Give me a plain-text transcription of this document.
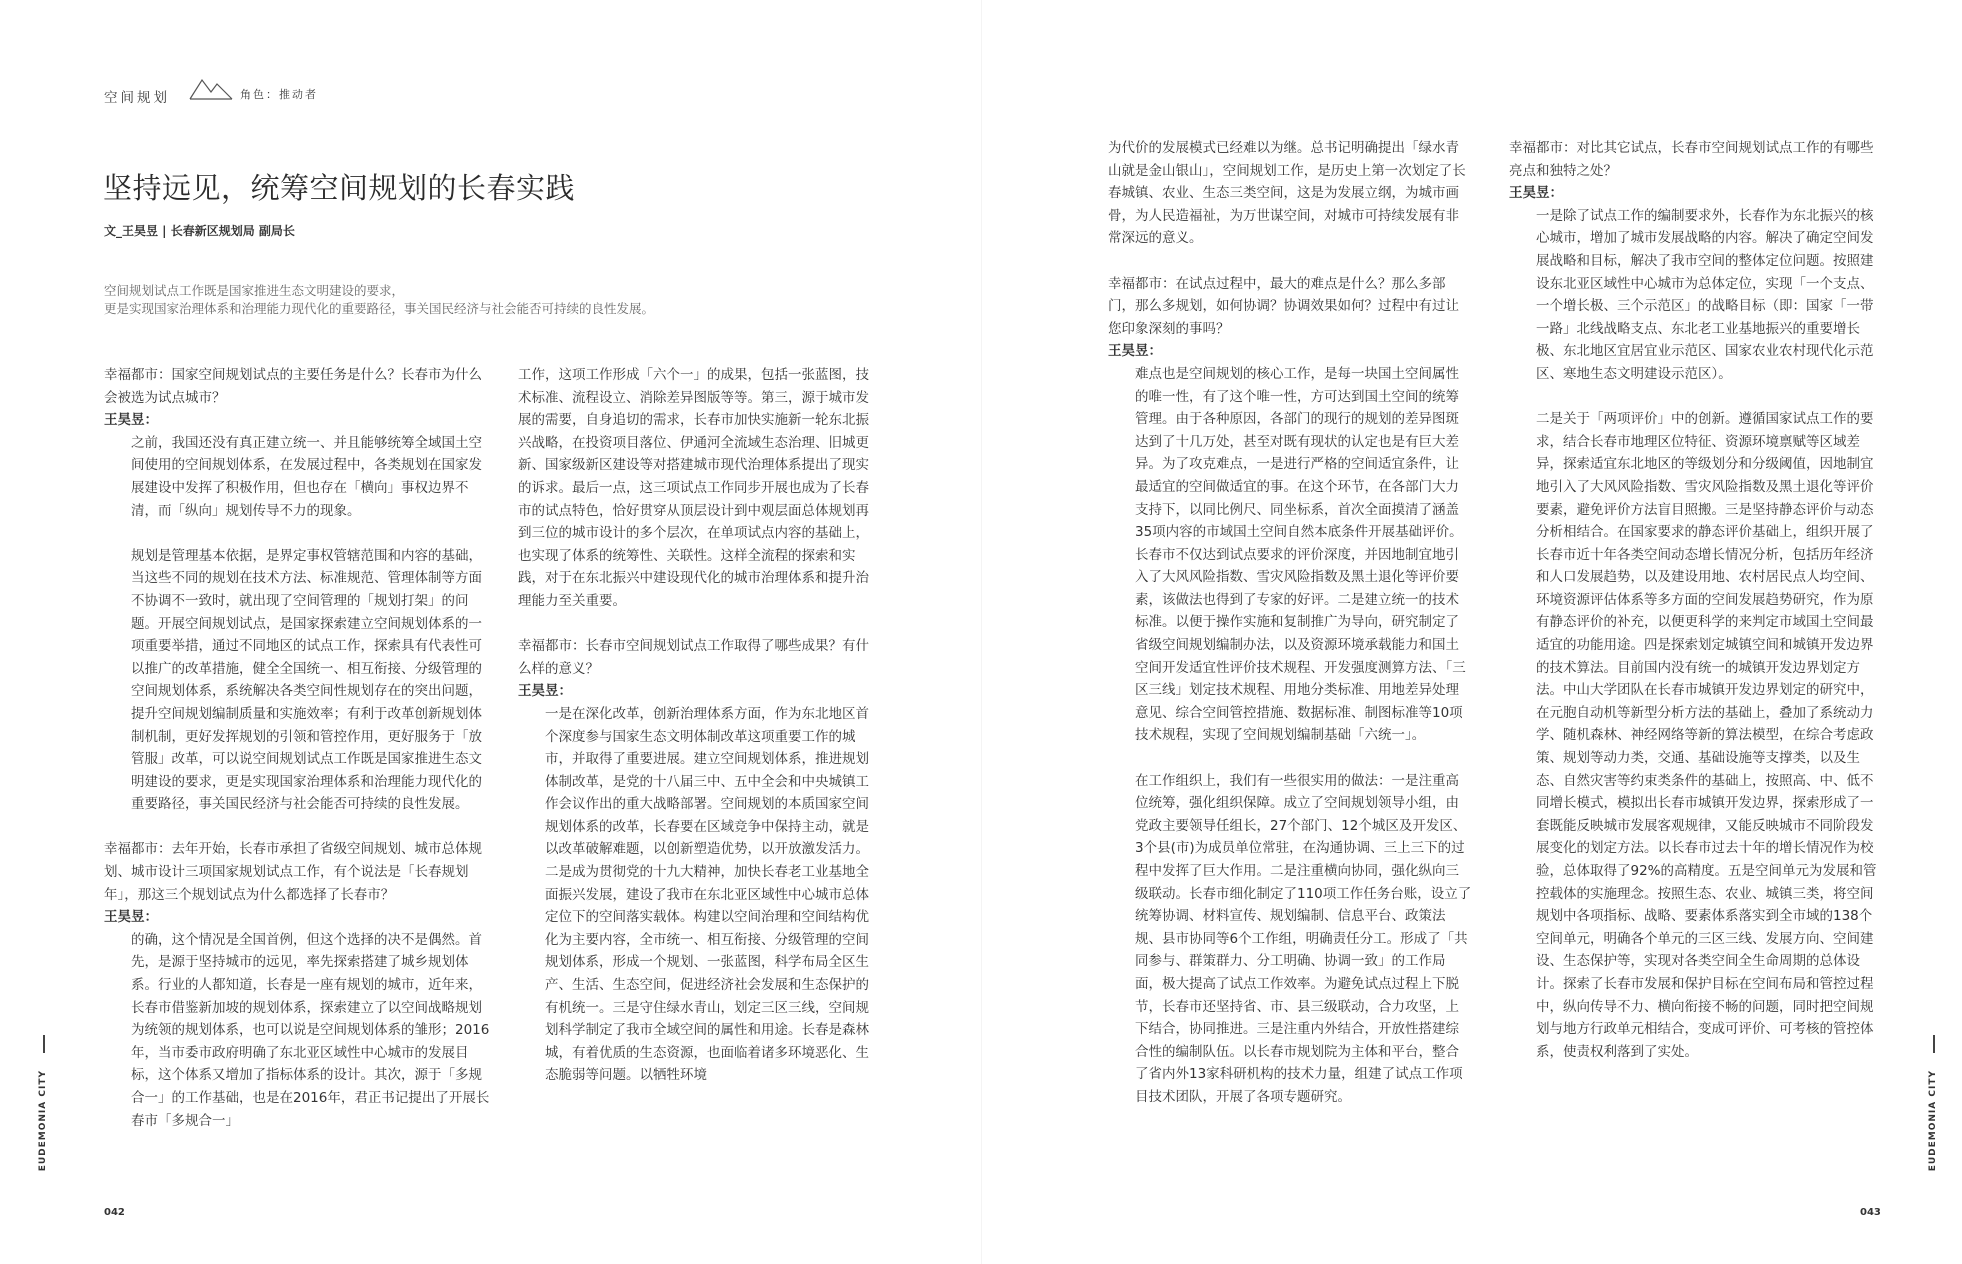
空间规划	角色：推动者
坚持远见，统筹空间规划的长春实践
文_王昊昱 | 长春新区规划局 副局长
空间规划试点工作既是国家推进生态文明建设的要求，
更是实现国家治理体系和治理能力现代化的重要路径，事关国民经济与社会能否可持续的良性发展。
幸福都市：国家空间规划试点的主要任务是什么？长春市为什么会被选为试点城市？
王昊昱：
之前，我国还没有真正建立统一、并且能够统筹全域国土空间使用的空间规划体系，在发展过程中，各类规划在国家发展建设中发挥了积极作用，但也存在「横向」事权边界不清，而「纵向」规划传导不力的现象。
规划是管理基本依据，是界定事权管辖范围和内容的基础，当这些不同的规划在技术方法、标准规范、管理体制等方面不协调不一致时，就出现了空间管理的「规划打架」的问题。开展空间规划试点，是国家探索建立空间规划体系的一项重要举措，通过不同地区的试点工作，探索具有代表性可以推广的改革措施，健全全国统一、相互衔接、分级管理的空间规划体系，系统解决各类空间性规划存在的突出问题，提升空间规划编制质量和实施效率；有利于改革创新规划体制机制，更好发挥规划的引领和管控作用，更好服务于「放管服」改革，可以说空间规划试点工作既是国家推进生态文明建设的要求，更是实现国家治理体系和治理能力现代化的重要路径，事关国民经济与社会能否可持续的良性发展。
幸福都市：去年开始，长春市承担了省级空间规划、城市总体规划、城市设计三项国家规划试点工作，有个说法是「长春规划年」，那这三个规划试点为什么都选择了长春市？
王昊昱：
的确，这个情况是全国首例，但这个选择的决不是偶然。首先，是源于坚持城市的远见，率先探索搭建了城乡规划体系。行业的人都知道，长春是一座有规划的城市，近年来，长春市借鉴新加坡的规划体系，探索建立了以空间战略规划为统领的规划体系，也可以说是空间规划体系的雏形；2016年，当市委市政府明确了东北亚区域性中心城市的发展目标，这个体系又增加了指标体系的设计。其次，源于「多规合一」的工作基础，也是在2016年，君正书记提出了开展长春市「多规合一」
工作，这项工作形成「六个一」的成果，包括一张蓝图，技术标准、流程设立、消除差异图版等等。第三，源于城市发展的需要，自身追切的需求，长春市加快实施新一轮东北振兴战略，在投资项目落位、伊通河全流域生态治理、旧城更新、国家级新区建设等对搭建城市现代治理体系提出了现实的诉求。最后一点，这三项试点工作同步开展也成为了长春市的试点特色，恰好贯穿从顶层设计到中观层面总体规划再到三位的城市设计的多个层次，在单项试点内容的基础上，也实现了体系的统筹性、关联性。这样全流程的探索和实践，对于在东北振兴中建设现代化的城市治理体系和提升治理能力至关重要。
幸福都市：长春市空间规划试点工作取得了哪些成果？有什么样的意义？
王昊昱：
一是在深化改革，创新治理体系方面，作为东北地区首个深度参与国家生态文明体制改革这项重要工作的城市，并取得了重要进展。建立空间规划体系，推进规划体制改革，是党的十八届三中、五中全会和中央城镇工作会议作出的重大战略部署。空间规划的本质国家空间规划体系的改革，长春要在区域竞争中保持主动，就是以改革破解难题，以创新塑造优势，以开放激发活力。二是成为贯彻党的十九大精神，加快长春老工业基地全面振兴发展，建设了我市在东北亚区域性中心城市总体定位下的空间落实载体。构建以空间治理和空间结构优化为主要内容，全市统一、相互衔接、分级管理的空间规划体系，形成一个规划、一张蓝图，科学布局全区生产、生活、生态空间，促进经济社会发展和生态保护的有机统一。三是守住绿水青山，划定三区三线，空间规划科学制定了我市全域空间的属性和用途。长春是森林城，有着优质的生态资源，也面临着诸多环境恶化、生态脆弱等问题。以牺牲环境
为代价的发展模式已经难以为继。总书记明确提出「绿水青山就是金山银山」，空间规划工作，是历史上第一次划定了长春城镇、农业、生态三类空间，这是为发展立纲，为城市画骨，为人民造福祉，为万世谋空间，对城市可持续发展有非常深远的意义。
幸福都市：在试点过程中，最大的难点是什么？那么多部门，那么多规划，如何协调？协调效果如何？过程中有过让您印象深刻的事吗？
王昊昱：
难点也是空间规划的核心工作，是每一块国土空间属性的唯一性，有了这个唯一性，方可达到国土空间的统筹管理。由于各种原因，各部门的现行的规划的差异图斑达到了十几万处，甚至对既有现状的认定也是有巨大差异。为了攻克难点，一是进行严格的空间适宜条件，让最适宜的空间做适宜的事。在这个环节，在各部门大力支持下，以同比例尺、同坐标系，首次全面摸清了涵盖35项内容的市域国土空间自然本底条件开展基础评价。长春市不仅达到试点要求的评价深度，并因地制宜地引入了大风风险指数、雪灾风险指数及黑土退化等评价要素，该做法也得到了专家的好评。二是建立统一的技术标准。以便于操作实施和复制推广为导向，研究制定了省级空间规划编制办法，以及资源环境承载能力和国土空间开发适宜性评价技术规程、开发强度测算方法、「三区三线」划定技术规程、用地分类标准、用地差异处理意见、综合空间管控措施、数据标准、制图标准等10项技术规程，实现了空间规划编制基础「六统一」。
在工作组织上，我们有一些很实用的做法：一是注重高位统筹，强化组织保障。成立了空间规划领导小组，由党政主要领导任组长，27个部门、12个城区及开发区、3个县(市)为成员单位常驻，在沟通协调、三上三下的过程中发挥了巨大作用。二是注重横向协同，强化纵向三级联动。长春市细化制定了110项工作任务台账，设立了统筹协调、材料宣传、规划编制、信息平台、政策法规、县市协同等6个工作组，明确责任分工。形成了「共同参与、群策群力、分工明确、协调一致」的工作局面，极大提高了试点工作效率。为避免试点过程上下脱节，长春市还坚持省、市、县三级联动，合力攻坚，上下结合，协同推进。三是注重内外结合，开放性搭建综合性的编制队伍。以长春市规划院为主体和平台，整合了省内外13家科研机构的技术力量，组建了试点工作项目技术团队，开展了各项专题研究。
幸福都市：对比其它试点，长春市空间规划试点工作的有哪些亮点和独特之处？
王昊昱：
一是除了试点工作的编制要求外，长春作为东北振兴的核心城市，增加了城市发展战略的内容。解决了确定空间发展战略和目标，解决了我市空间的整体定位问题。按照建设东北亚区域性中心城市为总体定位，实现「一个支点、一个增长极、三个示范区」的战略目标（即：国家「一带一路」北线战略支点、东北老工业基地振兴的重要增长极、东北地区宜居宜业示范区、国家农业农村现代化示范区、寒地生态文明建设示范区）。
二是关于「两项评价」中的创新。遵循国家试点工作的要求，结合长春市地理区位特征、资源环境禀赋等区域差异，探索适宜东北地区的等级划分和分级阈值，因地制宜地引入了大风风险指数、雪灾风险指数及黑土退化等评价要素，避免评价方法盲目照搬。三是坚持静态评价与动态分析相结合。在国家要求的静态评价基础上，组织开展了长春市近十年各类空间动态增长情况分析，包括历年经济和人口发展趋势，以及建设用地、农村居民点人均空间、环境资源评估体系等多方面的空间发展趋势研究，作为原有静态评价的补充，以便更科学的来判定市域国土空间最适宜的功能用途。四是探索划定城镇空间和城镇开发边界的技术算法。目前国内没有统一的城镇开发边界划定方法。中山大学团队在长春市城镇开发边界划定的研究中，在元胞自动机等新型分析方法的基础上，叠加了系统动力学、随机森林、神经网络等新的算法模型，在综合考虑政策、规划等动力类，交通、基础设施等支撑类，以及生态、自然灾害等约束类条件的基础上，按照高、中、低不同增长模式，模拟出长春市城镇开发边界，探索形成了一套既能反映城市发展客观规律，又能反映城市不同阶段发展变化的划定方法。以长春市过去十年的增长情况作为校验，总体取得了92%的高精度。五是空间单元为发展和管控载体的实施理念。按照生态、农业、城镇三类，将空间规划中各项指标、战略、要素体系落实到全市域的138个空间单元，明确各个单元的三区三线、发展方向、空间建设、生态保护等，实现对各类空间全生命周期的总体设计。探索了长春市发展和保护目标在空间布局和管控过程中，纵向传导不力、横向衔接不畅的问题，同时把空间规划与地方行政单元相结合，变成可评价、可考核的管控体系，使责权利落到了实处。
EUDEMONIA CITY	EUDEMONIA CITY
042	043
